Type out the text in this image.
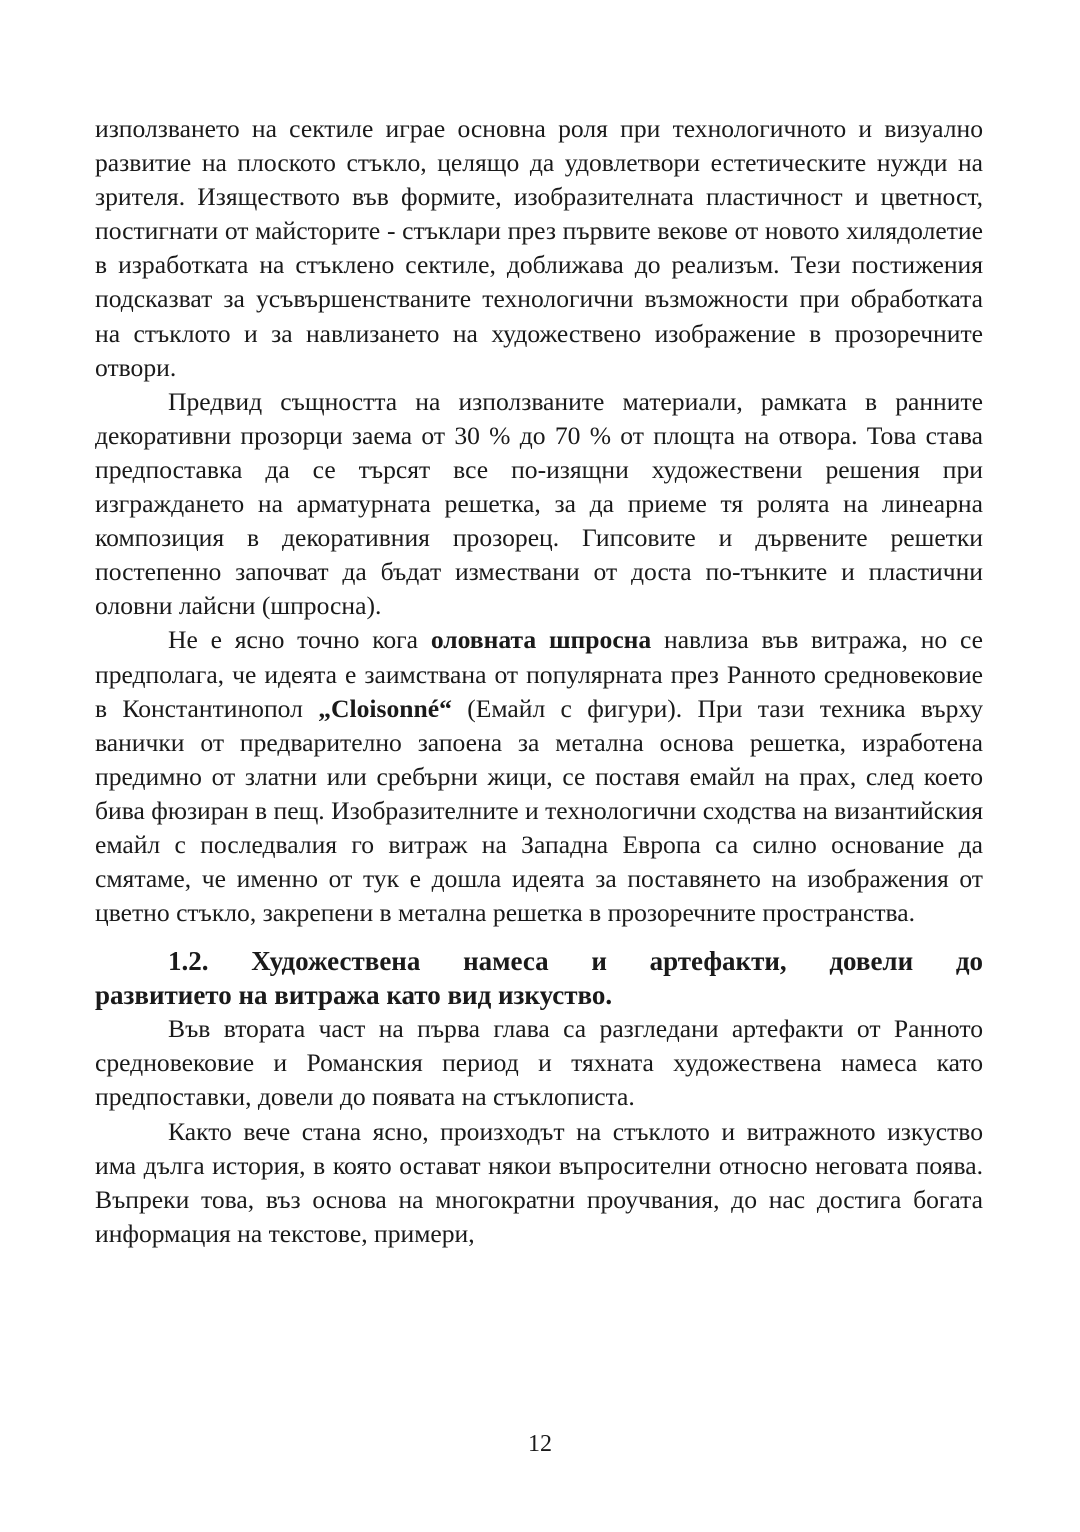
използването на сектиле играе основна роля при технологичното и визуално развитие на плоското стъкло, целящо да удовлетвори естетическите нужди на зрителя. Изяществото във формите, изобразителната пластичност и цветност, постигнати от майсторите - стъклари през първите векове от новото хилядолетие в изработката на стъклено сектиле, доближава до реализъм. Тези постижения подсказват за усъвършенстваните технологични възможности при обработката на стъклото и за навлизането на художествено изображение в прозоречните отвори.

Предвид същността на използваните материали, рамката в ранните декоративни прозорци заема от 30 % до 70 % от площта на отвора. Това става предпоставка да се търсят все по-изящни художествени решения при изграждането на арматурната решетка, за да приеме тя ролята на линеарна композиция в декоративния прозорец. Гипсовите и дървените решетки постепенно започват да бъдат измествани от доста по-тънките и пластични оловни лайсни (шпросна).

Не е ясно точно кога оловната шпросна навлиза във витража, но се предполага, че идеята е заимствана от популярната през Ранното средновековие в Константинопол „Cloisonné“ (Емайл с фигури). При тази техника върху ванички от предварително запоена за метална основа решетка, изработена предимно от златни или сребърни жици, се поставя емайл на прах, след което бива фюзиран в пещ. Изобразителните и технологични сходства на византийския емайл с последвалия го витраж на Западна Европа са силно основание да смятаме, че именно от тук е дошла идеята за поставянето на изображения от цветно стъкло, закрепени в метална решетка в прозоречните пространства.

1.2. Художествена намеса и артефакти, довели до развитието на витража като вид изкуство.

Във втората част на първа глава са разгледани артефакти от Ранното средновековие и Романския период и тяхната художествена намеса като предпоставки, довели до появата на стъклописта.

Както вече стана ясно, произходът на стъклото и витражното изкуство има дълга история, в която остават някои въпросителни относно неговата поява. Въпреки това, въз основа на многократни проучвания, до нас достига богата информация на текстове, примери,

12
